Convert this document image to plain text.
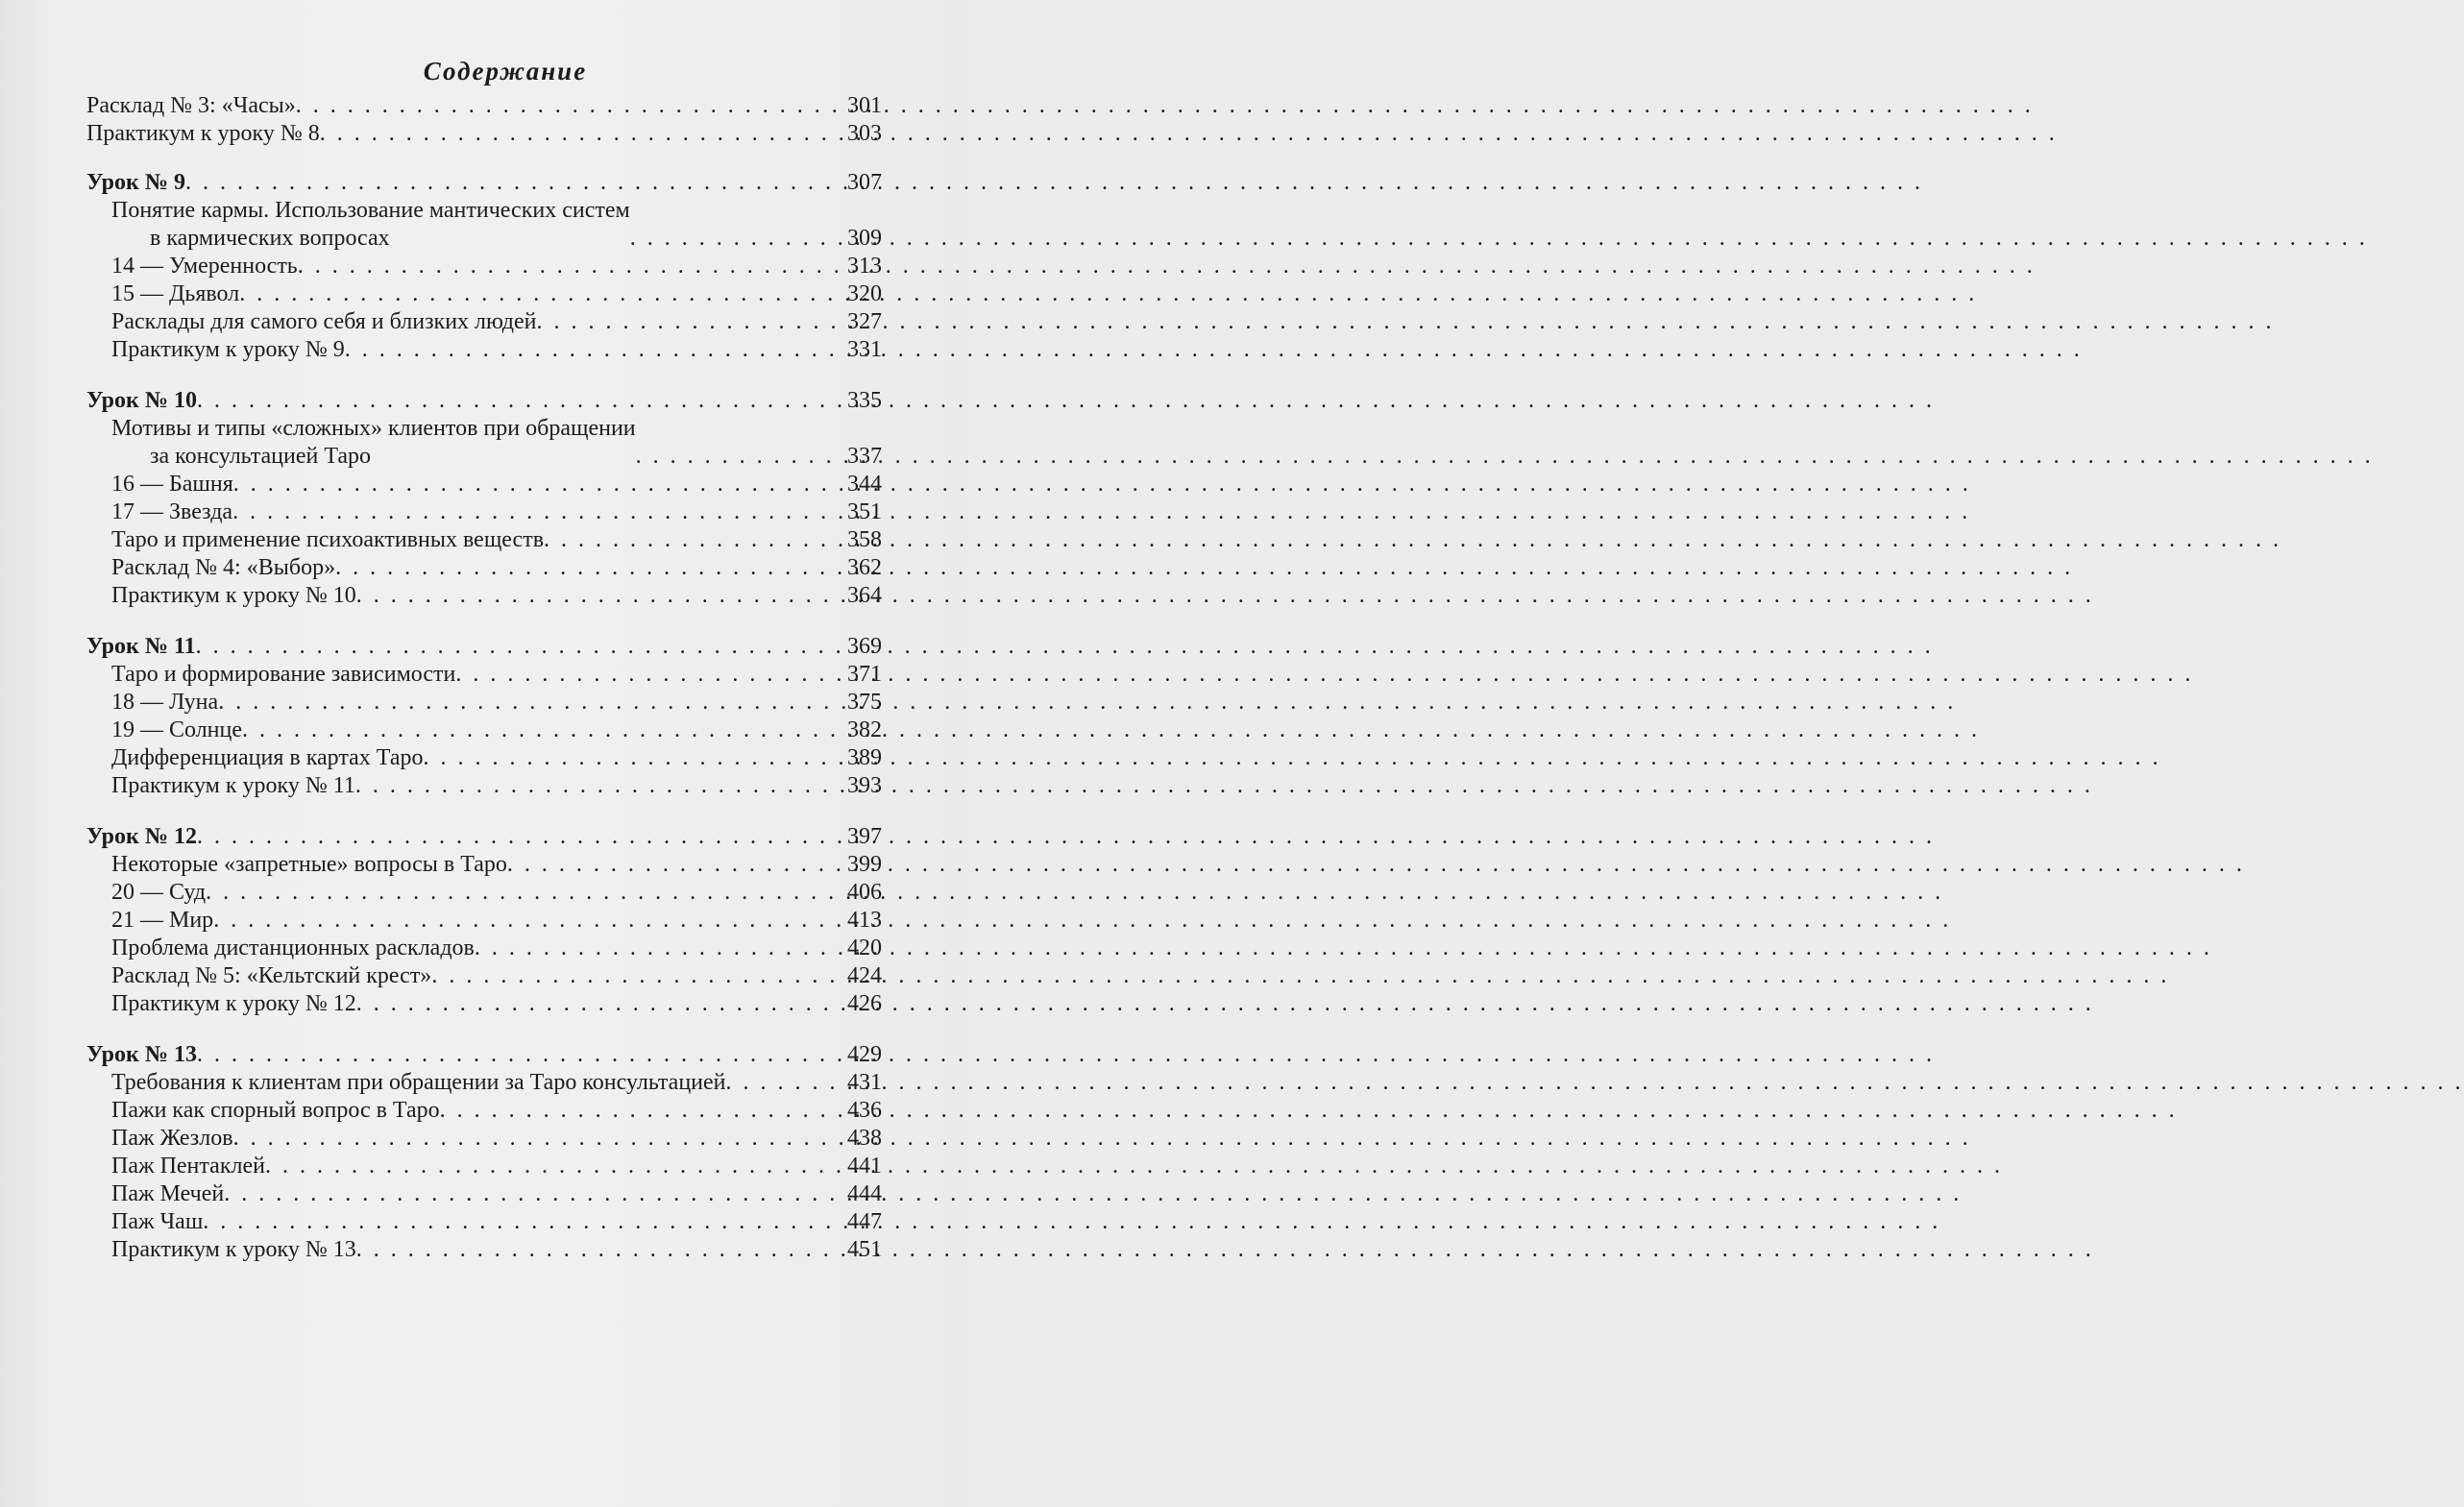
Содержание
Расклад № 3: «Часы» . . .	301
Практикум к уроку № 8 . . .	303
Урок № 9 . . .	307
Понятие кармы. Использование мантических систем
в кармических вопросах . . .	309
14 — Умеренность . . .	313
15 — Дьявол . . .	320
Расклады для самого себя и близких людей . . .	327
Практикум к уроку № 9 . . .	331
Урок № 10 . . .	335
Мотивы и типы «сложных» клиентов при обращении
за консультацией Таро . . .	337
16 — Башня . . .	344
17 — Звезда . . .	351
Таро и применение психоактивных веществ . . .	358
Расклад № 4: «Выбор» . . .	362
Практикум к уроку № 10 . . .	364
Урок № 11 . . .	369
Таро и формирование зависимости . . .	371
18 — Луна . . .	375
19 — Солнце . . .	382
Дифференциация в картах Таро . . .	389
Практикум к уроку № 11 . . .	393
Урок № 12 . . .	397
Некоторые «запретные» вопросы в Таро . . .	399
20 — Суд . . .	406
21 — Мир . . .	413
Проблема дистанционных раскладов . . .	420
Расклад № 5: «Кельтский крест» . . .	424
Практикум к уроку № 12 . . .	426
Урок № 13 . . .	429
Требования к клиентам при обращении за Таро консультацией . . .	431
Пажи как спорный вопрос в Таро . . .	436
Паж Жезлов . . .	438
Паж Пентаклей . . .	441
Паж Мечей . . .	444
Паж Чаш . . .	447
Практикум к уроку № 13 . . .	451
